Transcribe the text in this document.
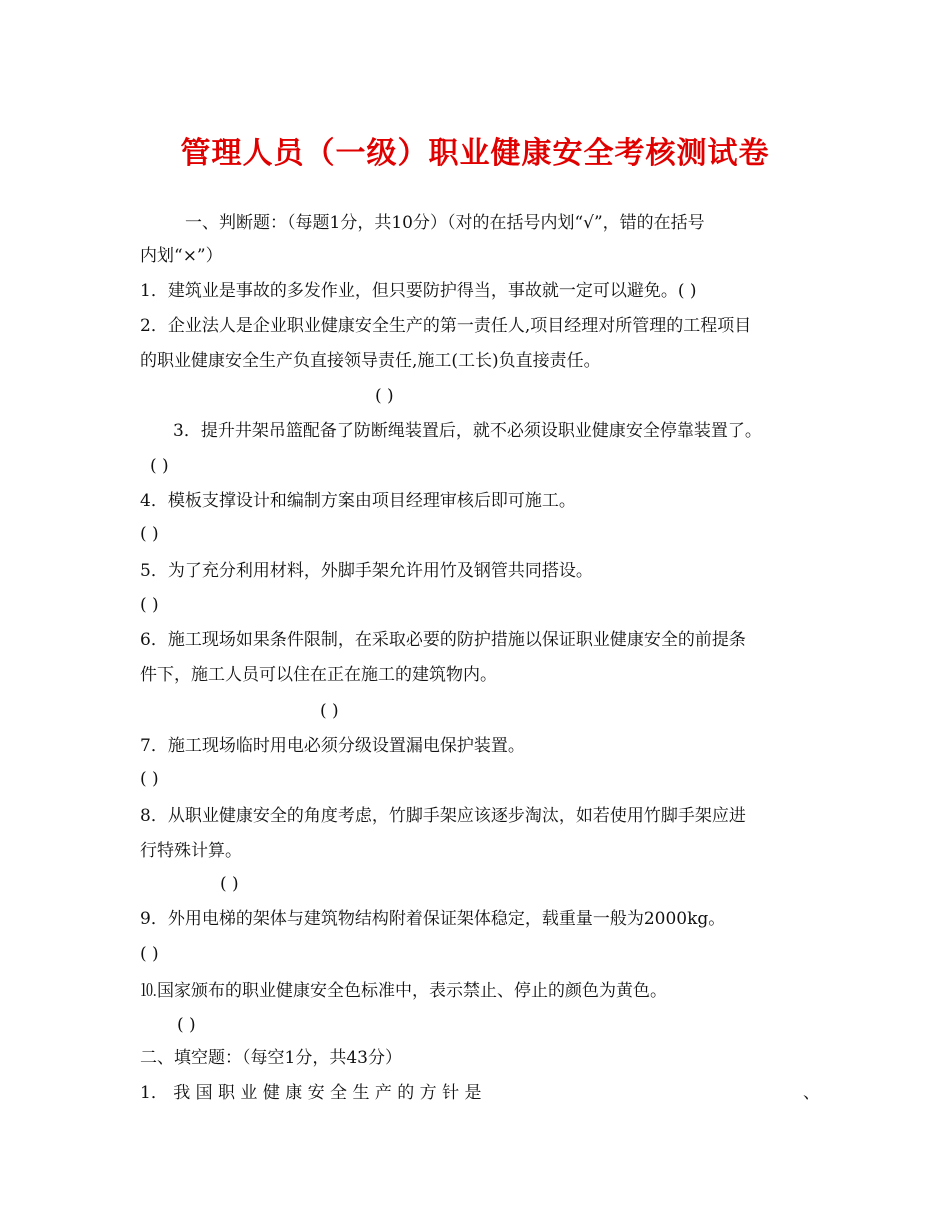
管理人员（一级）职业健康安全考核测试卷
一、判断题：（每题1分，共10分）（对的在括号内划“√”，错的在括号
内划“×”）
1．建筑业是事故的多发作业，但只要防护得当，事故就一定可以避免。( )
2．企业法人是企业职业健康安全生产的第一责任人,项目经理对所管理的工程项目
的职业健康安全生产负直接领导责任,施工(工长)负直接责任。
( )
3．提升井架吊篮配备了防断绳装置后，就不必须设职业健康安全停靠装置了。
( )
4．模板支撑设计和编制方案由项目经理审核后即可施工。
( )
5．为了充分利用材料，外脚手架允许用竹及钢管共同搭设。
( )
6．施工现场如果条件限制，在采取必要的防护措施以保证职业健康安全的前提条
件下，施工人员可以住在正在施工的建筑物内。
( )
7．施工现场临时用电必须分级设置漏电保护装置。
( )
8．从职业健康安全的角度考虑，竹脚手架应该逐步淘汰，如若使用竹脚手架应进
行特殊计算。
( )
9．外用电梯的架体与建筑物结构附着保证架体稳定，载重量一般为2000kg。
( )
⒑国家颁布的职业健康安全色标准中，表示禁止、停止的颜色为黄色。
( )
二、填空题：（每空1分，共43分）
1． 我 国 职 业 健 康 安 全 生 产 的 方 针 是	、
